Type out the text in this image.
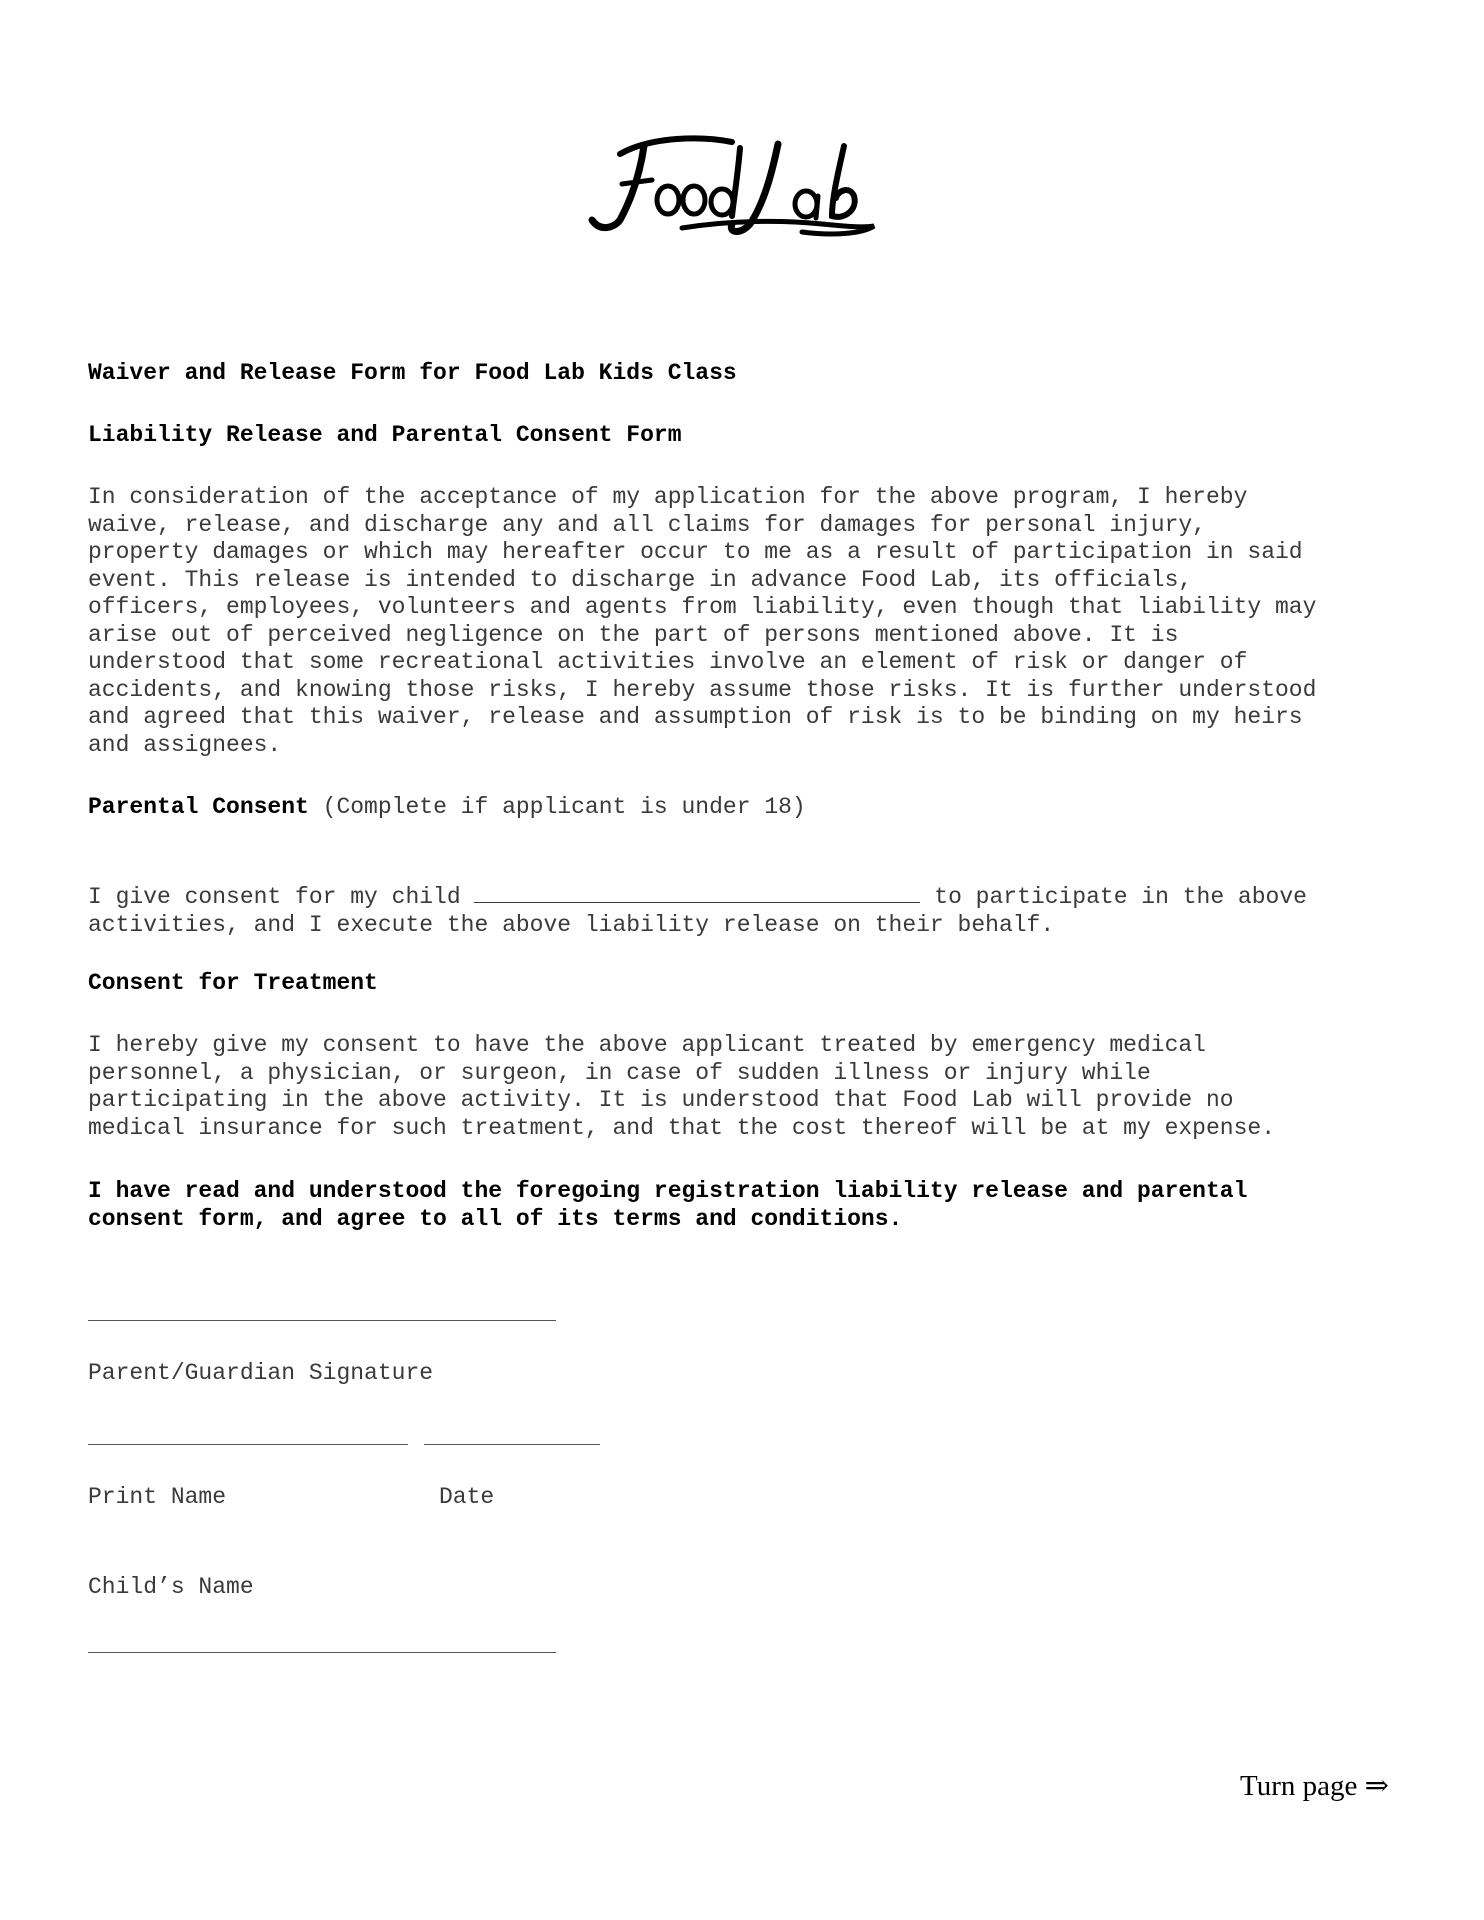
Waiver and Release Form for Food Lab Kids Class

Liability Release and Parental Consent Form

In consideration of the acceptance of my application for the above program, I hereby
waive, release, and discharge any and all claims for damages for personal injury,
property damages or which may hereafter occur to me as a result of participation in said
event. This release is intended to discharge in advance Food Lab, its officials,
officers, employees, volunteers and agents from liability, even though that liability may
arise out of perceived negligence on the part of persons mentioned above. It is
understood that some recreational activities involve an element of risk or danger of
accidents, and knowing those risks, I hereby assume those risks. It is further understood
and agreed that this waiver, release and assumption of risk is to be binding on my heirs
and assignees.

Parental Consent (Complete if applicant is under 18)

I give consent for my child	to participate in the above
activities, and I execute the above liability release on their behalf.

Consent for Treatment

I hereby give my consent to have the above applicant treated by emergency medical
personnel, a physician, or surgeon, in case of sudden illness or injury while
participating in the above activity. It is understood that Food Lab will provide no
medical insurance for such treatment, and that the cost thereof will be at my expense.
I have read and understood the foregoing registration liability release and parental
consent form, and agree to all of its terms and conditions.

Parent/Guardian Signature

Print Name	Date

Child’s Name

Turn page ⇒
